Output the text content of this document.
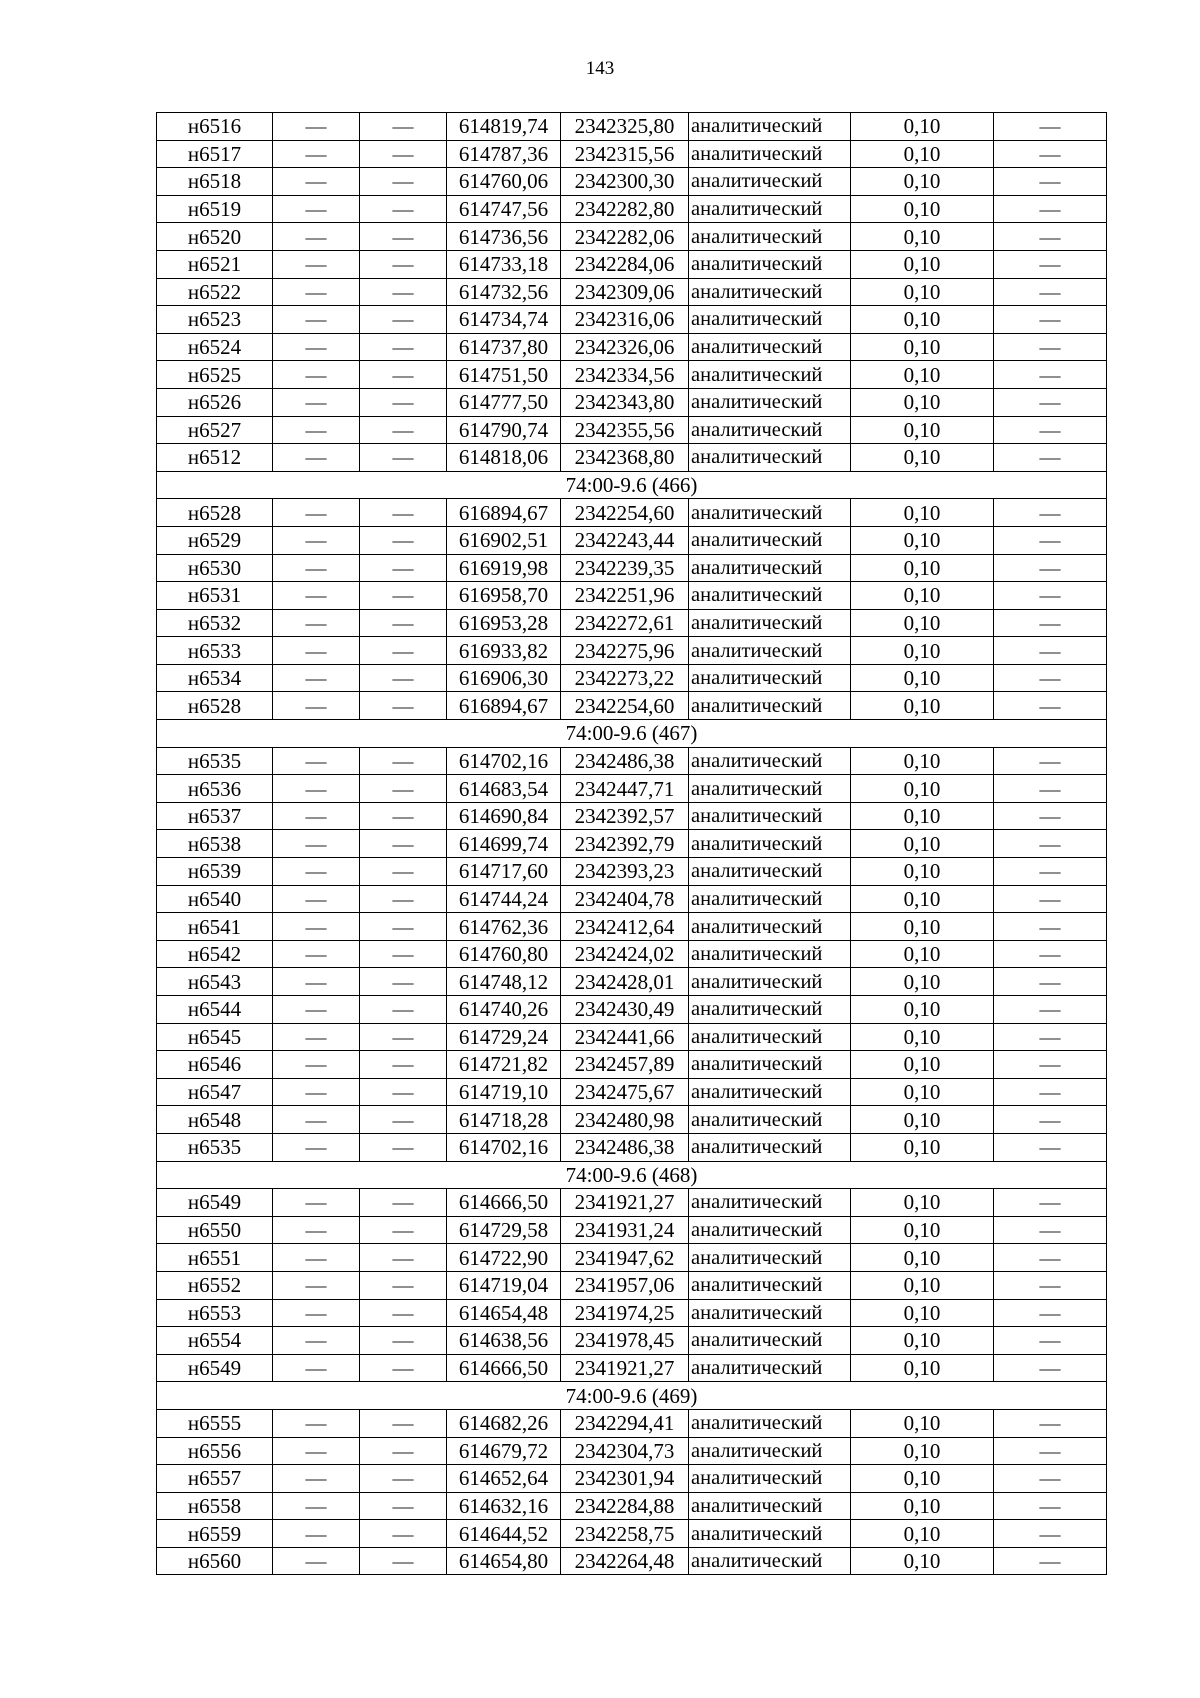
143
н6516	—	—	614819,74	2342325,80	аналитический	0,10	—
н6517	—	—	614787,36	2342315,56	аналитический	0,10	—
н6518	—	—	614760,06	2342300,30	аналитический	0,10	—
н6519	—	—	614747,56	2342282,80	аналитический	0,10	—
н6520	—	—	614736,56	2342282,06	аналитический	0,10	—
н6521	—	—	614733,18	2342284,06	аналитический	0,10	—
н6522	—	—	614732,56	2342309,06	аналитический	0,10	—
н6523	—	—	614734,74	2342316,06	аналитический	0,10	—
н6524	—	—	614737,80	2342326,06	аналитический	0,10	—
н6525	—	—	614751,50	2342334,56	аналитический	0,10	—
н6526	—	—	614777,50	2342343,80	аналитический	0,10	—
н6527	—	—	614790,74	2342355,56	аналитический	0,10	—
н6512	—	—	614818,06	2342368,80	аналитический	0,10	—
74:00-9.6 (466)							
н6528	—	—	616894,67	2342254,60	аналитический	0,10	—
н6529	—	—	616902,51	2342243,44	аналитический	0,10	—
н6530	—	—	616919,98	2342239,35	аналитический	0,10	—
н6531	—	—	616958,70	2342251,96	аналитический	0,10	—
н6532	—	—	616953,28	2342272,61	аналитический	0,10	—
н6533	—	—	616933,82	2342275,96	аналитический	0,10	—
н6534	—	—	616906,30	2342273,22	аналитический	0,10	—
н6528	—	—	616894,67	2342254,60	аналитический	0,10	—
74:00-9.6 (467)							
н6535	—	—	614702,16	2342486,38	аналитический	0,10	—
н6536	—	—	614683,54	2342447,71	аналитический	0,10	—
н6537	—	—	614690,84	2342392,57	аналитический	0,10	—
н6538	—	—	614699,74	2342392,79	аналитический	0,10	—
н6539	—	—	614717,60	2342393,23	аналитический	0,10	—
н6540	—	—	614744,24	2342404,78	аналитический	0,10	—
н6541	—	—	614762,36	2342412,64	аналитический	0,10	—
н6542	—	—	614760,80	2342424,02	аналитический	0,10	—
н6543	—	—	614748,12	2342428,01	аналитический	0,10	—
н6544	—	—	614740,26	2342430,49	аналитический	0,10	—
н6545	—	—	614729,24	2342441,66	аналитический	0,10	—
н6546	—	—	614721,82	2342457,89	аналитический	0,10	—
н6547	—	—	614719,10	2342475,67	аналитический	0,10	—
н6548	—	—	614718,28	2342480,98	аналитический	0,10	—
н6535	—	—	614702,16	2342486,38	аналитический	0,10	—
74:00-9.6 (468)							
н6549	—	—	614666,50	2341921,27	аналитический	0,10	—
н6550	—	—	614729,58	2341931,24	аналитический	0,10	—
н6551	—	—	614722,90	2341947,62	аналитический	0,10	—
н6552	—	—	614719,04	2341957,06	аналитический	0,10	—
н6553	—	—	614654,48	2341974,25	аналитический	0,10	—
н6554	—	—	614638,56	2341978,45	аналитический	0,10	—
н6549	—	—	614666,50	2341921,27	аналитический	0,10	—
74:00-9.6 (469)							
н6555	—	—	614682,26	2342294,41	аналитический	0,10	—
н6556	—	—	614679,72	2342304,73	аналитический	0,10	—
н6557	—	—	614652,64	2342301,94	аналитический	0,10	—
н6558	—	—	614632,16	2342284,88	аналитический	0,10	—
н6559	—	—	614644,52	2342258,75	аналитический	0,10	—
н6560	—	—	614654,80	2342264,48	аналитический	0,10	—
